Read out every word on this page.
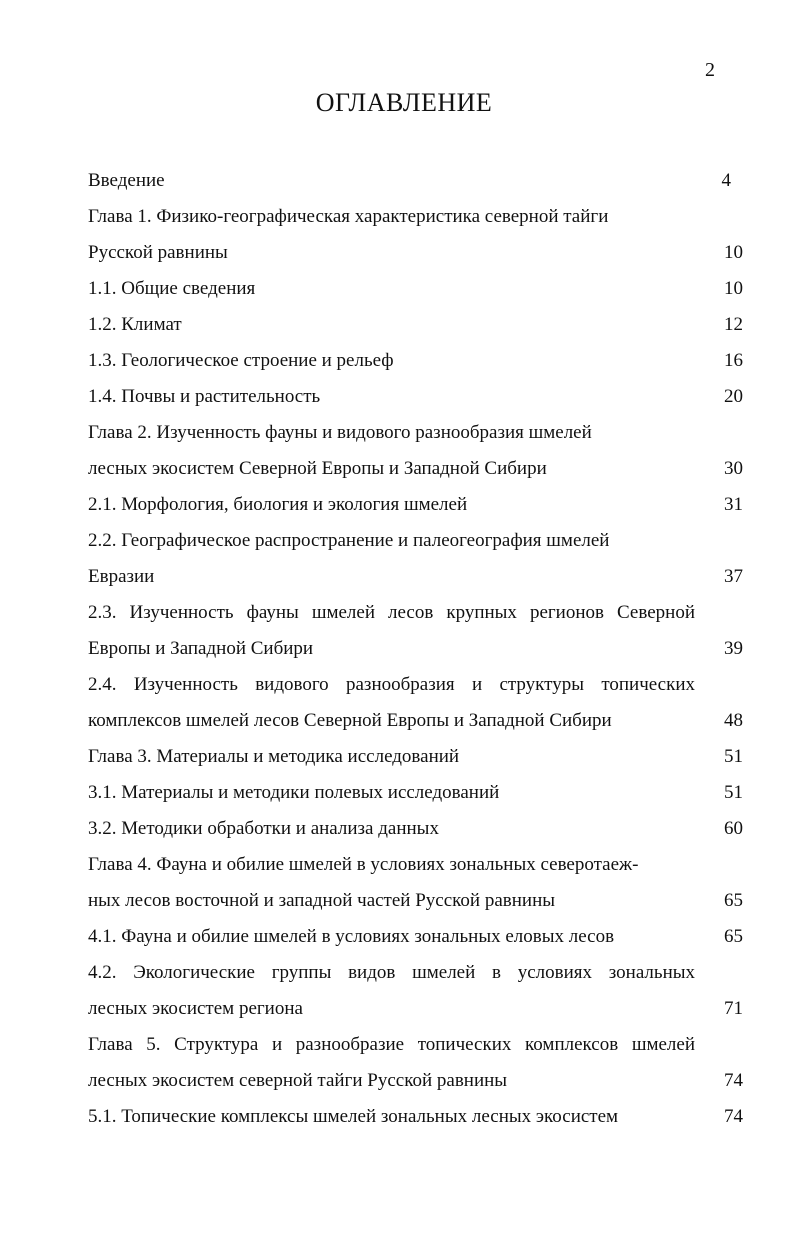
2
ОГЛАВЛЕНИЕ
Введение	4
Глава 1. Физико-географическая характеристика северной тайги
Русской равнины	10
1.1. Общие сведения	10
1.2. Климат	12
1.3. Геологическое строение и рельеф	16
1.4. Почвы и растительность	20
Глава 2. Изученность фауны и видового разнообразия шмелей
лесных экосистем Северной Европы и Западной Сибири	30
2.1. Морфология, биология и экология шмелей	31
2.2. Географическое распространение и палеогеография шмелей
Евразии	37
2.3. Изученность фауны шмелей лесов крупных регионов Северной
Европы и Западной Сибири	39
2.4. Изученность видового разнообразия и структуры топических
комплексов шмелей лесов Северной Европы и Западной Сибири	48
Глава 3. Материалы и методика исследований	51
3.1. Материалы и методики полевых исследований	51
3.2. Методики обработки и анализа данных	60
Глава 4. Фауна и обилие шмелей в условиях зональных северотаеж-
ных лесов восточной и западной частей Русской равнины	65
4.1. Фауна и обилие шмелей в условиях зональных еловых лесов	65
4.2. Экологические группы видов шмелей в условиях зональных
лесных экосистем региона	71
Глава 5. Структура и разнообразие топических комплексов шмелей
лесных экосистем северной тайги Русской равнины	74
5.1. Топические комплексы шмелей зональных лесных экосистем	74
